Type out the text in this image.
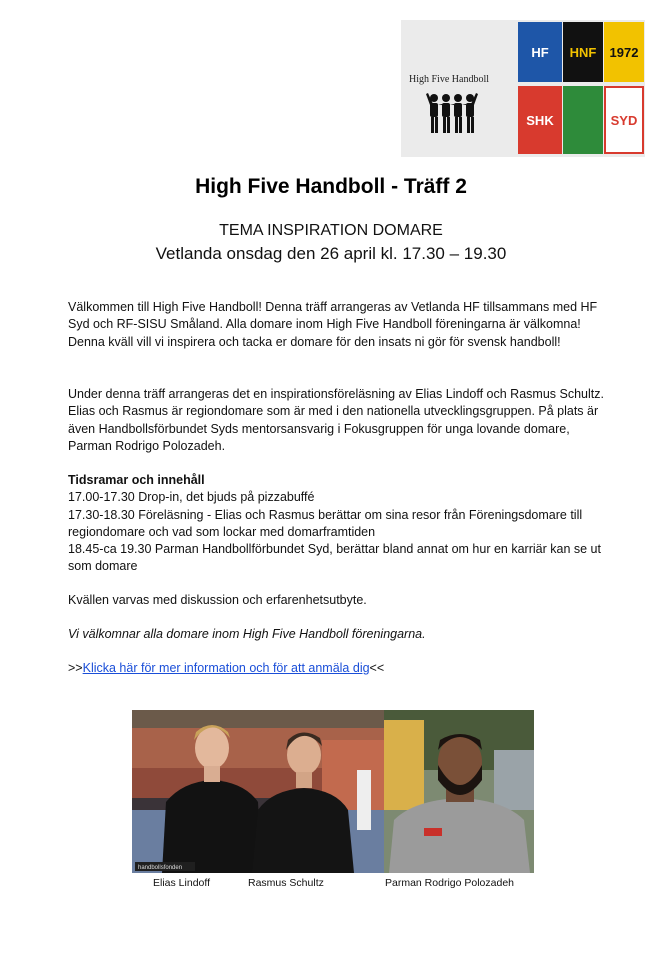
High Five Handboll
HF HNF 1972
SHK	SYD
High Five Handboll - Träff 2
TEMA INSPIRATION DOMARE
Vetlanda onsdag den 26 april kl. 17.30 – 19.30

Välkommen till High Five Handboll! Denna träff arrangeras av Vetlanda HF tillsammans med HF Syd och RF-SISU Småland. Alla domare inom High Five Handboll föreningarna är välkomna! Denna kväll vill vi inspirera och tacka er domare för den insats ni gör för svensk handboll!

Under denna träff arrangeras det en inspirationsföreläsning av Elias Lindoff och Rasmus Schultz. Elias och Rasmus är regiondomare som är med i den nationella utvecklingsgruppen. På plats är även Handbollsförbundet Syds mentorsansvarig i Fokusgruppen för unga lovande domare, Parman Rodrigo Polozadeh.

Tidsramar och innehåll

17.00-17.30 Drop-in, det bjuds på pizzabuffé

17.30-18.30 Föreläsning - Elias och Rasmus berättar om sina resor från Föreningsdomare till regiondomare och vad som lockar med domarframtiden

18.45-ca 19.30 Parman Handbollförbundet Syd, berättar bland annat om hur en karriär kan se ut som domare

Kvällen varvas med diskussion och erfarenhetsutbyte.

Vi välkomnar alla domare inom High Five Handboll föreningarna.

>>Klicka här för mer information och för att anmäla dig<<
handbollsfonden
Elias Lindoff	Rasmus Schultz	Parman Rodrigo Polozadeh
